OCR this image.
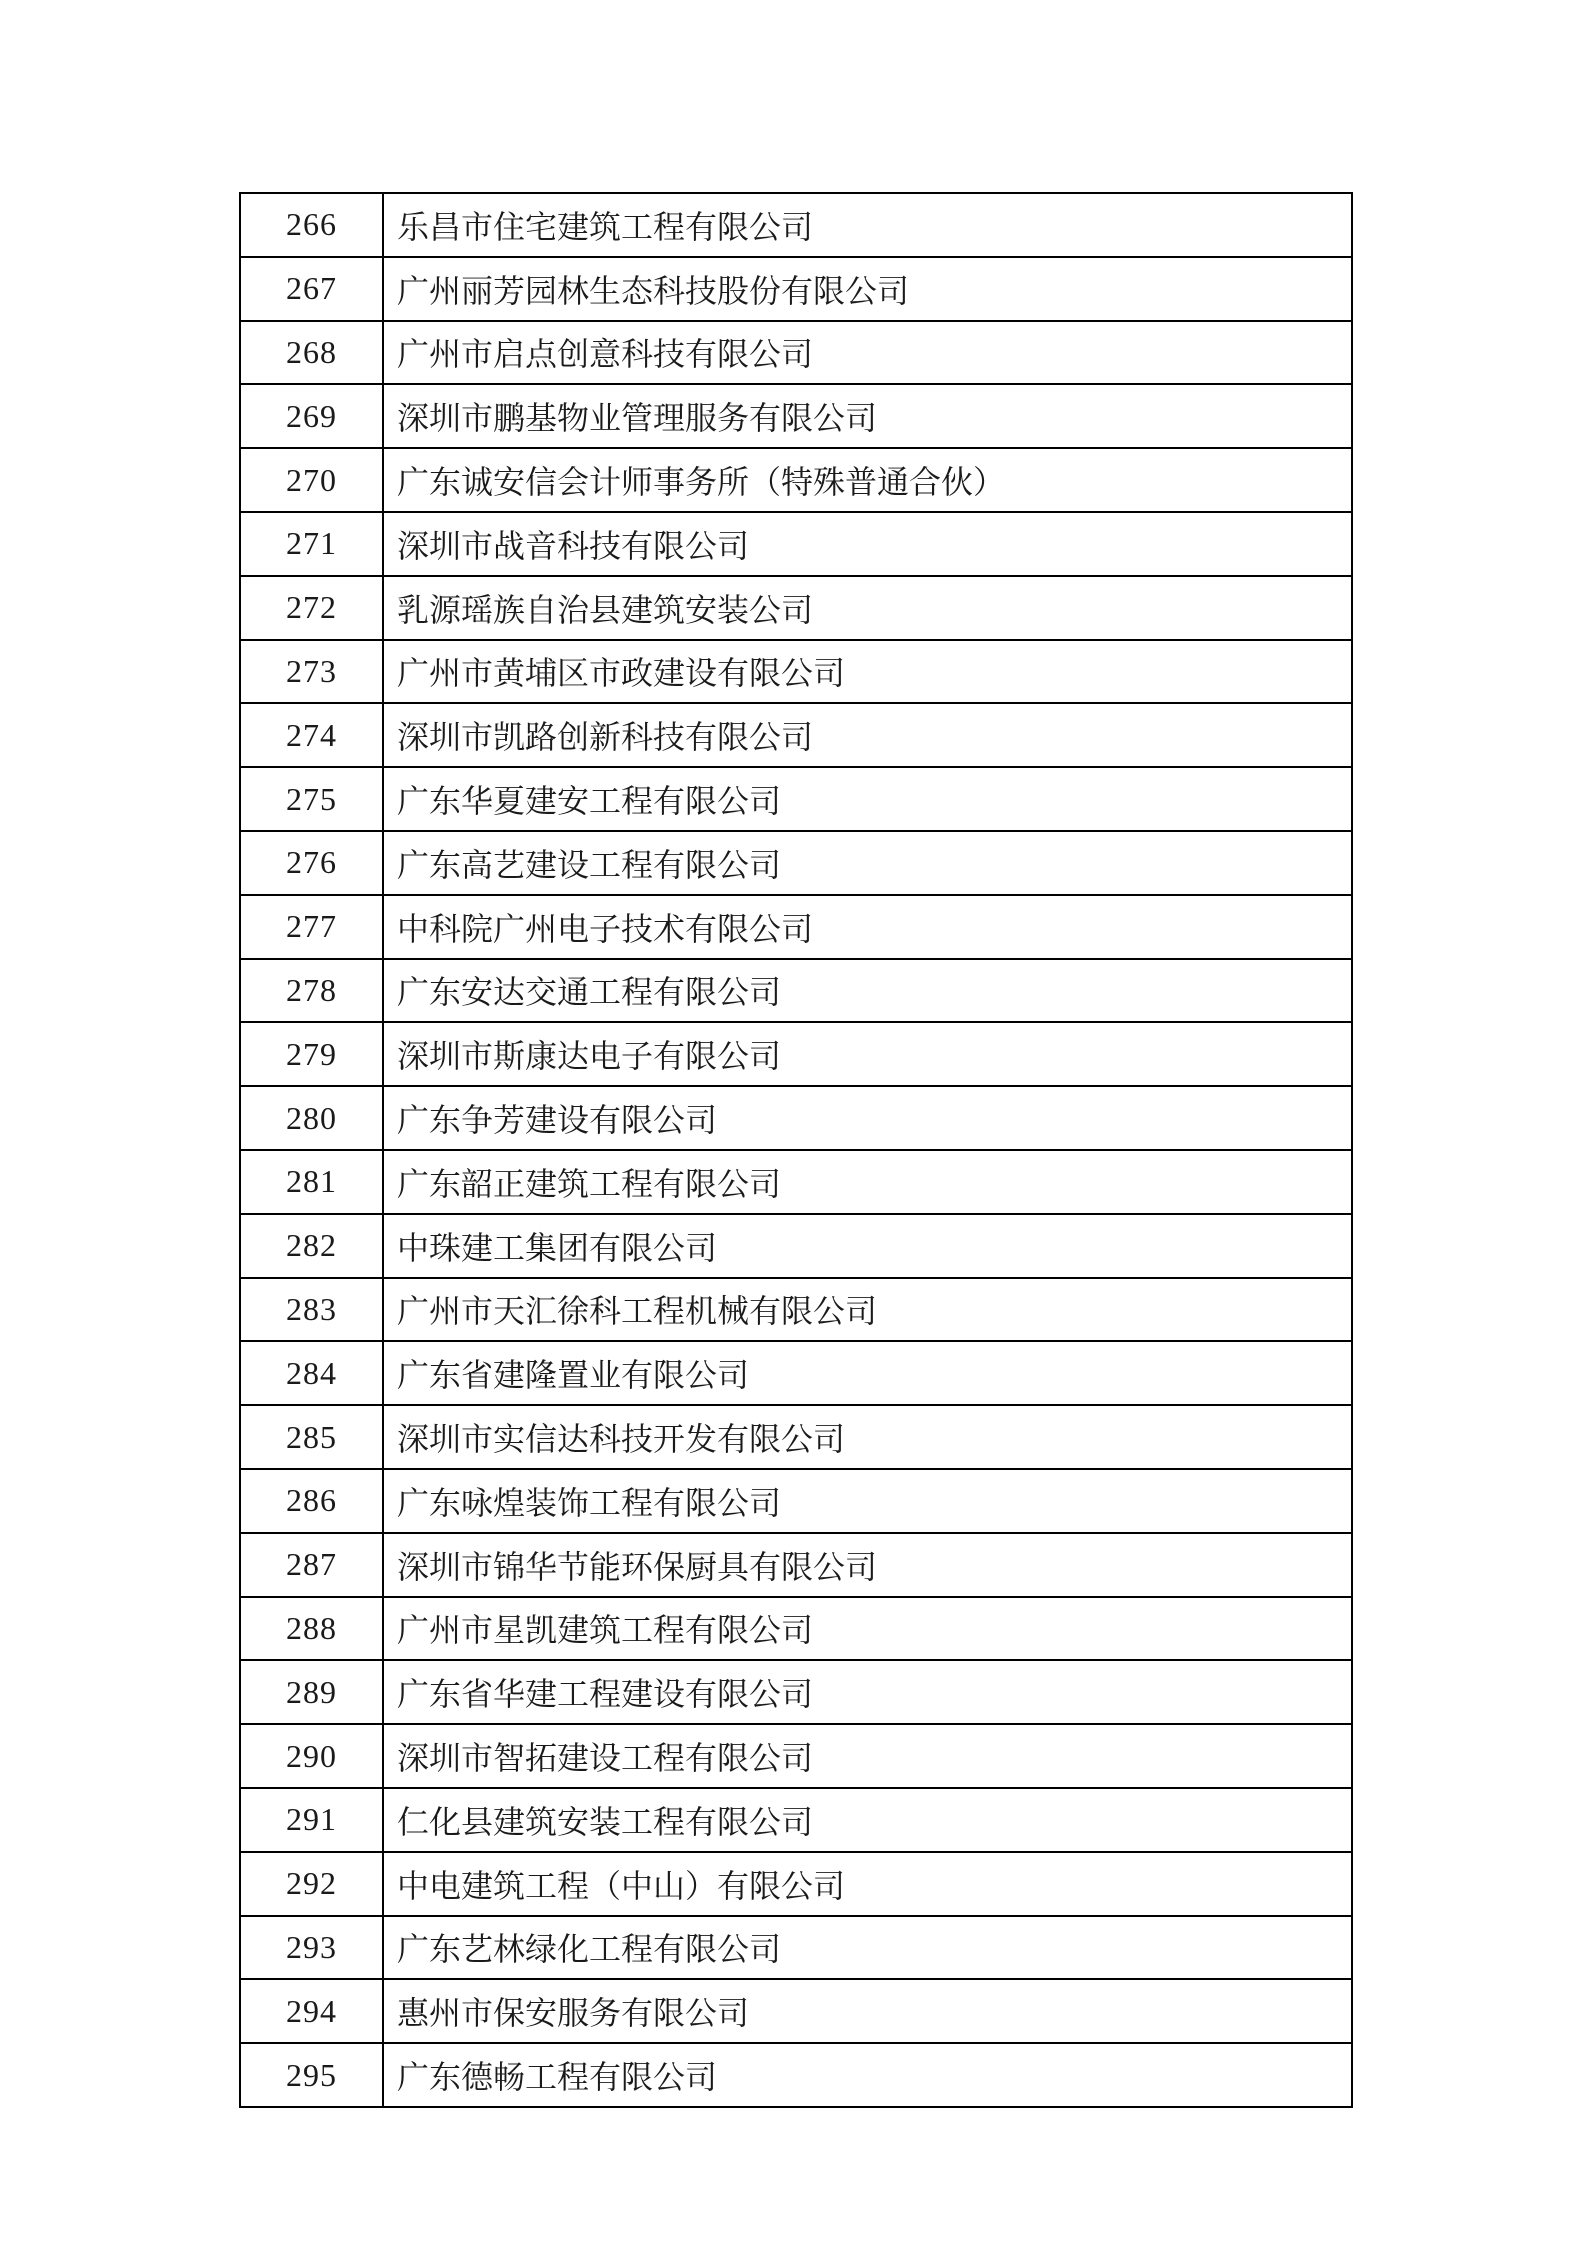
266	乐昌市住宅建筑工程有限公司
267	广州丽芳园林生态科技股份有限公司
268	广州市启点创意科技有限公司
269	深圳市鹏基物业管理服务有限公司
270	广东诚安信会计师事务所（特殊普通合伙）
271	深圳市战音科技有限公司
272	乳源瑶族自治县建筑安装公司
273	广州市黄埔区市政建设有限公司
274	深圳市凯路创新科技有限公司
275	广东华夏建安工程有限公司
276	广东高艺建设工程有限公司
277	中科院广州电子技术有限公司
278	广东安达交通工程有限公司
279	深圳市斯康达电子有限公司
280	广东争芳建设有限公司
281	广东韶正建筑工程有限公司
282	中珠建工集团有限公司
283	广州市天汇徐科工程机械有限公司
284	广东省建隆置业有限公司
285	深圳市实信达科技开发有限公司
286	广东咏煌装饰工程有限公司
287	深圳市锦华节能环保厨具有限公司
288	广州市星凯建筑工程有限公司
289	广东省华建工程建设有限公司
290	深圳市智拓建设工程有限公司
291	仁化县建筑安装工程有限公司
292	中电建筑工程（中山）有限公司
293	广东艺林绿化工程有限公司
294	惠州市保安服务有限公司
295	广东德畅工程有限公司
